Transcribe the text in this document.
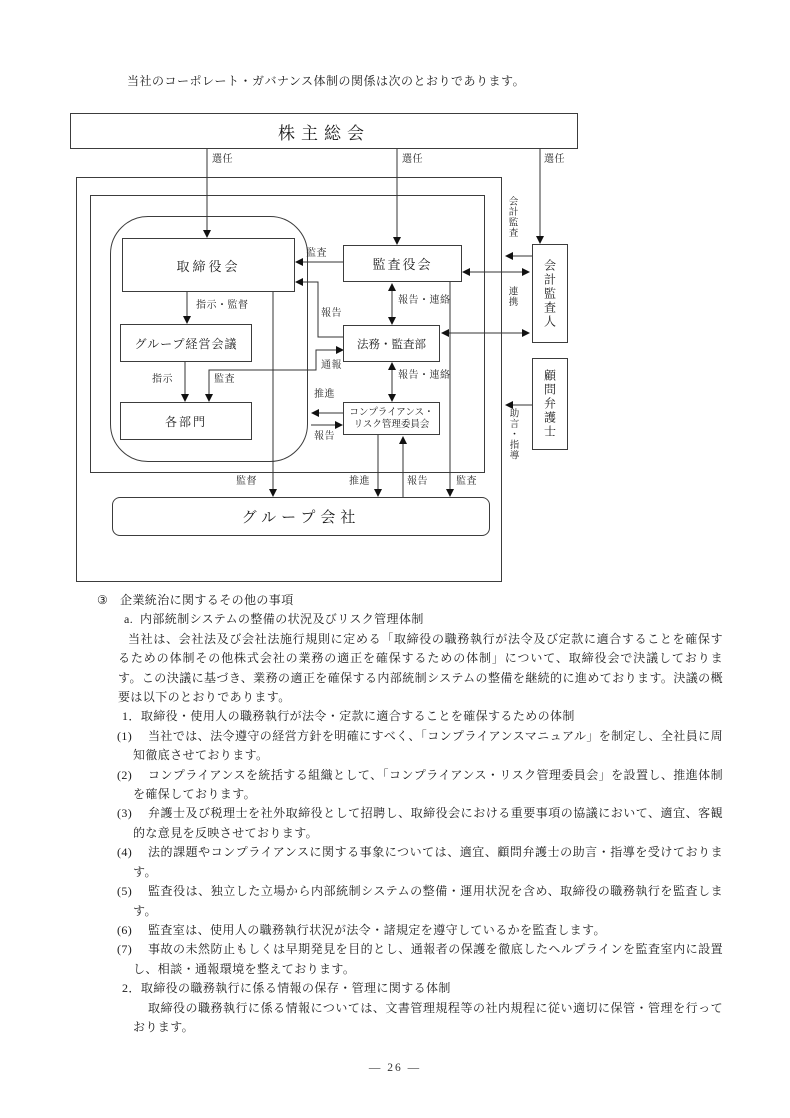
当社のコーポレート・ガバナンス体制の関係は次のとおりであります。
株主総会
取締役会
グループ経営会議
各部門
監査役会
法務・監査部
コンプライアンス・リスク管理委員会
会計監査人
顧問弁護士
グループ会社
選任	選任	選任
監査
報告
指示・監督	報告・連絡
会計監査
連携
報告・連絡
指示	監査
通報
推進
報告
監督	推進	報告	監査
助言・指導

③ 企業統治に関するその他の事項

a. 内部統制システムの整備の状況及びリスク管理体制

当社は、会社法及び会社法施行規則に定める「取締役の職務執行が法令及び定款に適合することを確保するための体制その他株式会社の業務の適正を確保するための体制」について、取締役会で決議しております。この決議に基づき、業務の適正を確保する内部統制システムの整備を継続的に進めております。決議の概要は以下のとおりであります。

1．取締役・使用人の職務執行が法令・定款に適合することを確保するための体制

(1) 当社では、法令遵守の経営方針を明確にすべく、「コンプライアンスマニュアル」を制定し、全社員に周知徹底させております。

(2) コンプライアンスを統括する組織として、「コンプライアンス・リスク管理委員会」を設置し、推進体制を確保しております。

(3) 弁護士及び税理士を社外取締役として招聘し、取締役会における重要事項の協議において、適宜、客観的な意見を反映させております。

(4) 法的課題やコンプライアンスに関する事象については、適宜、顧問弁護士の助言・指導を受けております。

(5) 監査役は、独立した立場から内部統制システムの整備・運用状況を含め、取締役の職務執行を監査します。

(6) 監査室は、使用人の職務執行状況が法令・諸規定を遵守しているかを監査します。

(7) 事故の未然防止もしくは早期発見を目的とし、通報者の保護を徹底したヘルプラインを監査室内に設置し、相談・通報環境を整えております。

2．取締役の職務執行に係る情報の保存・管理に関する体制

取締役の職務執行に係る情報については、文書管理規程等の社内規程に従い適切に保管・管理を行っております。

― 26 ―
